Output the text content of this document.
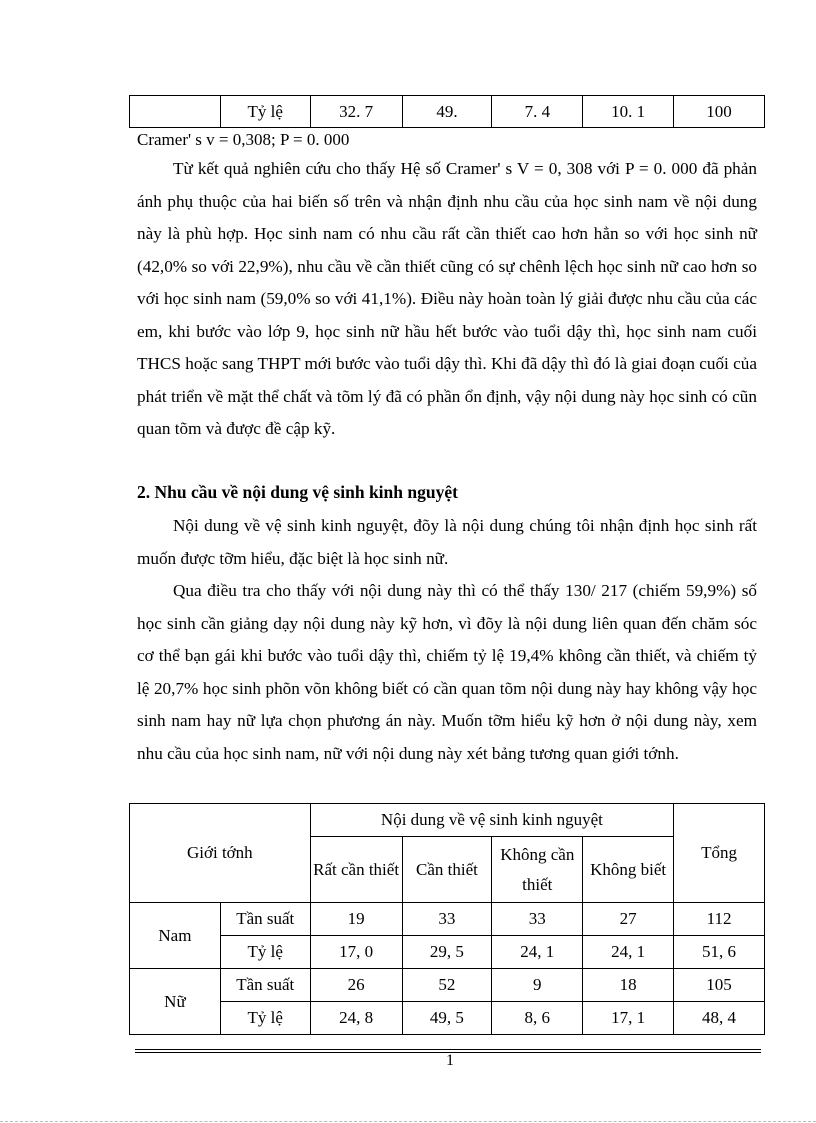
	Tỷ lệ	32. 7	49.	7. 4	10. 1	100
Cramer' s v = 0,308; P = 0. 000
Từ kết quả nghiên cứu cho thấy Hệ số Cramer' s V = 0, 308 với P = 0. 000 đã phản ánh phụ thuộc của hai biến số trên và nhận định nhu cầu của học sinh nam về nội dung này là phù hợp. Học sinh nam có nhu cầu rất cần thiết cao hơn hẳn so với học sinh nữ (42,0% so với 22,9%), nhu cầu về cần thiết cũng có sự chênh lệch học sinh nữ cao hơn so với học sinh nam (59,0% so với 41,1%). Điều này hoàn toàn lý giải được nhu cầu của các em, khi bước vào lớp 9, học sinh nữ hầu hết bước vào tuổi dậy thì, học sinh nam cuối THCS hoặc sang THPT mới bước vào tuổi dậy thì. Khi đã dậy thì đó là giai đoạn cuối của phát triển về mặt thể chất và tõm lý đã có phần ổn định, vậy nội dung này học sinh có cũn quan tõm và được đề cập kỹ.
2. Nhu cầu về nội dung vệ sinh kinh nguyệt
Nội dung về vệ sinh kinh nguyệt, đõy là nội dung chúng tôi nhận định học sinh rất muốn được tỡm hiểu, đặc biệt là học sinh nữ.
Qua điều tra cho thấy với nội dung này thì có thể thấy 130/ 217 (chiếm 59,9%) số học sinh cần giảng dạy nội dung này kỹ hơn, vì đõy là nội dung liên quan đến chăm sóc cơ thể bạn gái khi bước vào tuổi dậy thì, chiếm tỷ lệ 19,4% không cần thiết, và chiếm tỷ lệ 20,7% học sinh phõn võn không biết có cần quan tõm nội dung này hay không vậy học sinh nam hay nữ lựa chọn phương án này. Muốn tỡm hiểu kỹ hơn ở nội dung này, xem nhu cầu của học sinh nam, nữ với nội dung này xét bảng tương quan giới tớnh.
Giới tớnh		Nội dung về vệ sinh kinh nguyệt				Tổng
		Rất cần thiết	Cần thiết	Không cần thiết	Không biết	
Nam	Tần suất	19	33	33	27	112
	Tỷ lệ	17, 0	29, 5	24, 1	24, 1	51, 6
Nữ	Tần suất	26	52	9	18	105
	Tỷ lệ	24, 8	49, 5	8, 6	17, 1	48, 4
1
